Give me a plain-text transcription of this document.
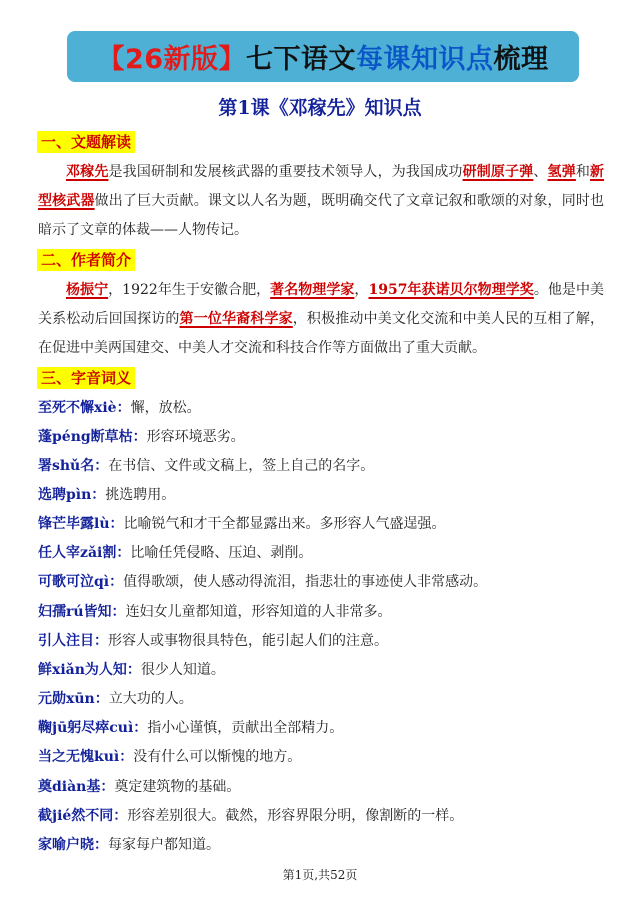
【26新版】 七下语文 每课知识点 梳理
第1课《邓稼先》知识点
一、文题解读
邓稼先是我国研制和发展核武器的重要技术领导人，为我国成功研制原子弹、氢弹和新型核武器做出了巨大贡献。课文以人名为题，既明确交代了文章记叙和歌颂的对象，同时也暗示了文章的体裁——人物传记。
二、作者简介
杨振宁，1922年生于安徽合肥，著名物理学家，1957年获诺贝尔物理学奖。他是中美关系松动后回国探访的第一位华裔科学家，积极推动中美文化交流和中美人民的互相了解，在促进中美两国建交、中美人才交流和科技合作等方面做出了重大贡献。
三、字音词义
至死不懈xiè：懈，放松。
蓬péng断草枯：形容环境恶劣。
署shǔ名：在书信、文件或文稿上，签上自己的名字。
选聘pìn：挑选聘用。
锋芒毕露lù：比喻锐气和才干全都显露出来。多形容人气盛逞强。
任人宰zǎi割：比喻任凭侵略、压迫、剥削。
可歌可泣qì：值得歌颂，使人感动得流泪，指悲壮的事迹使人非常感动。
妇孺rú皆知：连妇女儿童都知道，形容知道的人非常多。
引人注目：形容人或事物很具特色，能引起人们的注意。
鲜xiǎn为人知：很少人知道。
元勋xūn：立大功的人。
鞠jū躬尽瘁cuì：指小心谨慎，贡献出全部精力。
当之无愧kuì：没有什么可以惭愧的地方。
奠diàn基：奠定建筑物的基础。
截jié然不同：形容差别很大。截然，形容界限分明，像割断的一样。
家喻户晓：每家每户都知道。
第1页,共52页
